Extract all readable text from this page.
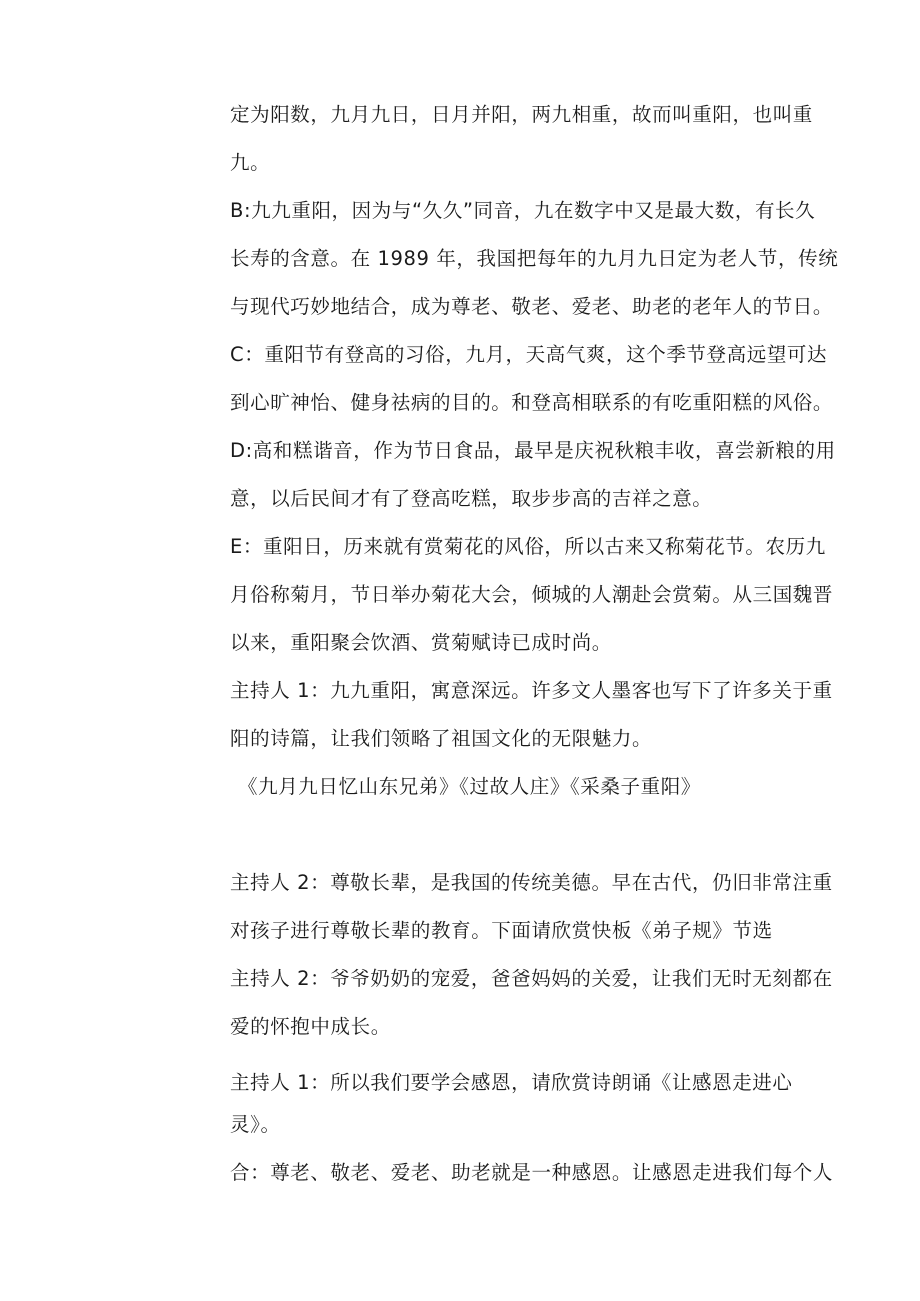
定为阳数，九月九日，日月并阳，两九相重，故而叫重阳，也叫重
九。
B:九九重阳，因为与“久久”同音，九在数字中又是最大数，有长久
长寿的含意。在 1989 年，我国把每年的九月九日定为老人节，传统
与现代巧妙地结合，成为尊老、敬老、爱老、助老的老年人的节日。
C：重阳节有登高的习俗，九月，天高气爽，这个季节登高远望可达
到心旷神怡、健身祛病的目的。和登高相联系的有吃重阳糕的风俗。
D:高和糕谐音，作为节日食品，最早是庆祝秋粮丰收，喜尝新粮的用
意，以后民间才有了登高吃糕，取步步高的吉祥之意。
E：重阳日，历来就有赏菊花的风俗，所以古来又称菊花节。农历九
月俗称菊月，节日举办菊花大会，倾城的人潮赴会赏菊。从三国魏晋
以来，重阳聚会饮酒、赏菊赋诗已成时尚。
主持人 1：九九重阳，寓意深远。许多文人墨客也写下了许多关于重
阳的诗篇，让我们领略了祖国文化的无限魅力。
《九月九日忆山东兄弟》《过故人庄》《采桑子重阳》
主持人 2：尊敬长辈，是我国的传统美德。早在古代，仍旧非常注重
对孩子进行尊敬长辈的教育。下面请欣赏快板《弟子规》节选
主持人 2：爷爷奶奶的宠爱，爸爸妈妈的关爱，让我们无时无刻都在
爱的怀抱中成长。
主持人 1：所以我们要学会感恩，请欣赏诗朗诵《让感恩走进心
灵》。
合：尊老、敬老、爱老、助老就是一种感恩。让感恩走进我们每个人
